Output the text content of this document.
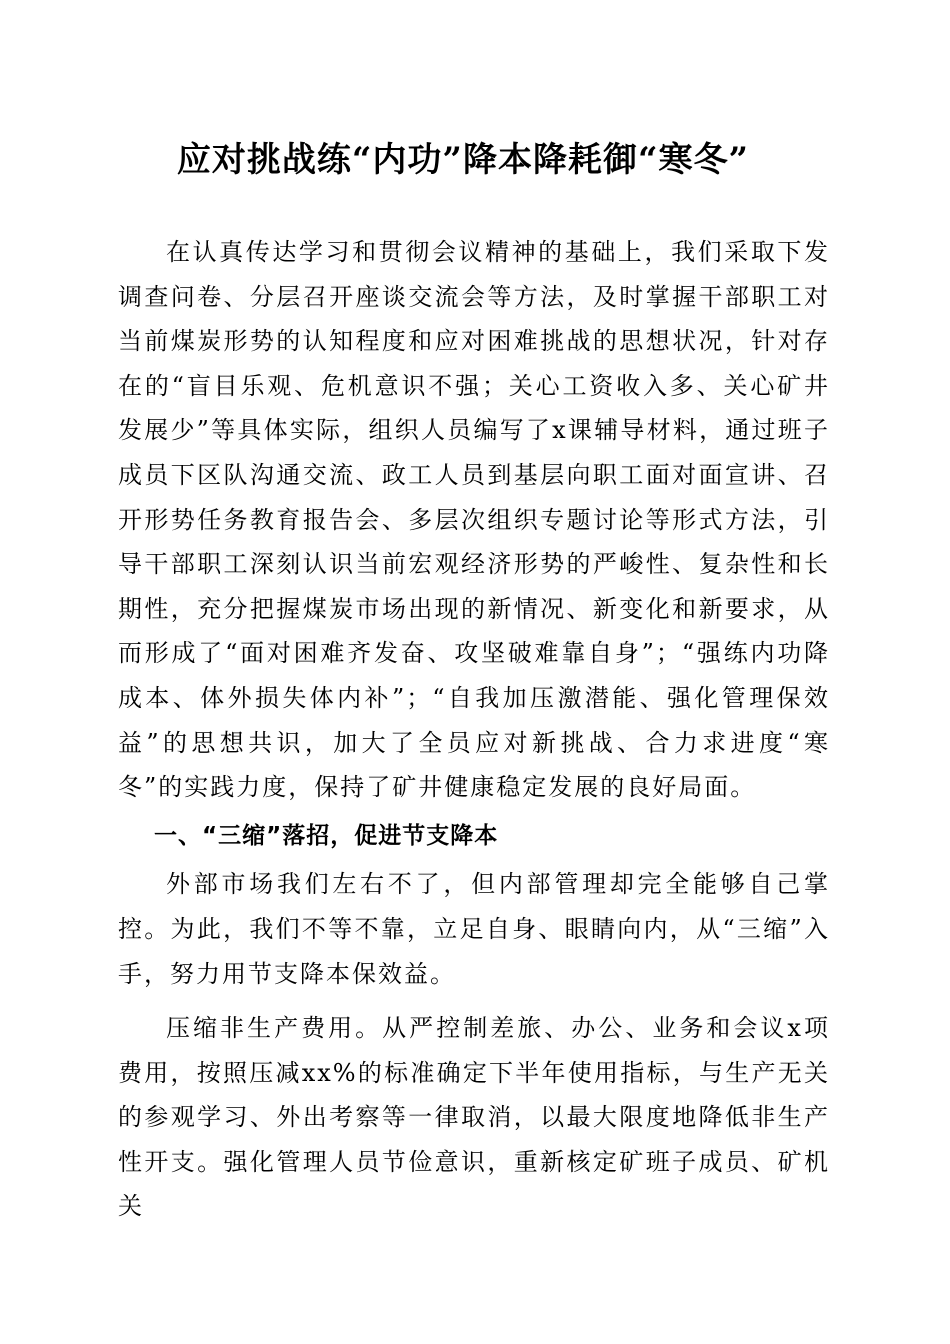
应对挑战练“内功”降本降耗御“寒冬”

在认真传达学习和贯彻会议精神的基础上，我们采取下发调查问卷、分层召开座谈交流会等方法，及时掌握干部职工对当前煤炭形势的认知程度和应对困难挑战的思想状况，针对存在的“盲目乐观、危机意识不强；关心工资收入多、关心矿井发展少”等具体实际，组织人员编写了x课辅导材料，通过班子成员下区队沟通交流、政工人员到基层向职工面对面宣讲、召开形势任务教育报告会、多层次组织专题讨论等形式方法，引导干部职工深刻认识当前宏观经济形势的严峻性、复杂性和长期性，充分把握煤炭市场出现的新情况、新变化和新要求，从而形成了“面对困难齐发奋、攻坚破难靠自身”；“强练内功降成本、体外损失体内补”；“自我加压激潜能、强化管理保效益”的思想共识，加大了全员应对新挑战、合力求进度“寒冬”的实践力度，保持了矿井健康稳定发展的良好局面。

一、“三缩”落招，促进节支降本

外部市场我们左右不了，但内部管理却完全能够自己掌控。为此，我们不等不靠，立足自身、眼睛向内，从“三缩”入手，努力用节支降本保效益。

压缩非生产费用。从严控制差旅、办公、业务和会议x项费用，按照压减xx%的标准确定下半年使用指标，与生产无关的参观学习、外出考察等一律取消，以最大限度地降低非生产性开支。强化管理人员节俭意识，重新核定矿班子成员、矿机关
